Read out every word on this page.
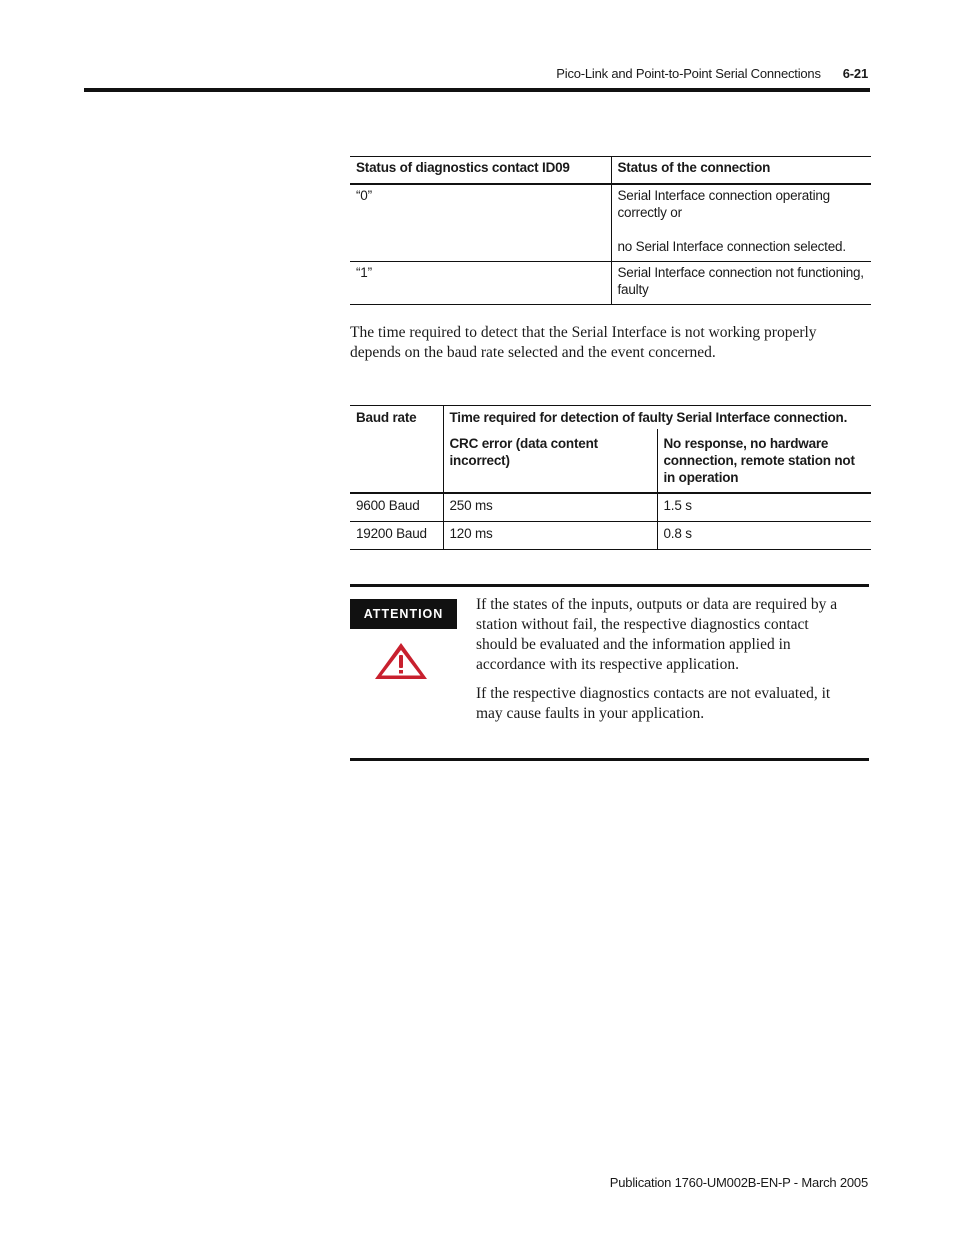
Pico-Link and Point-to-Point Serial Connections 6-21
Status of diagnostics contact ID09	Status of the connection
“0”	Serial Interface connection operating correctly or
no Serial Interface connection selected.
“1”	Serial Interface connection not functioning, faulty

The time required to detect that the Serial Interface is not working properly depends on the baud rate selected and the event concerned.

Baud rate	Time required for detection of faulty Serial Interface connection.	
	CRC error (data content incorrect)	No response, no hardware connection, remote station not in operation
9600 Baud	250 ms	1.5 s
19200 Baud	120 ms	0.8 s
ATTENTION

If the states of the inputs, outputs or data are required by a station without fail, the respective diagnostics contact should be evaluated and the information applied in accordance with its respective application.

If the respective diagnostics contacts are not evaluated, it may cause faults in your application.

Publication 1760-UM002B-EN-P - March 2005
